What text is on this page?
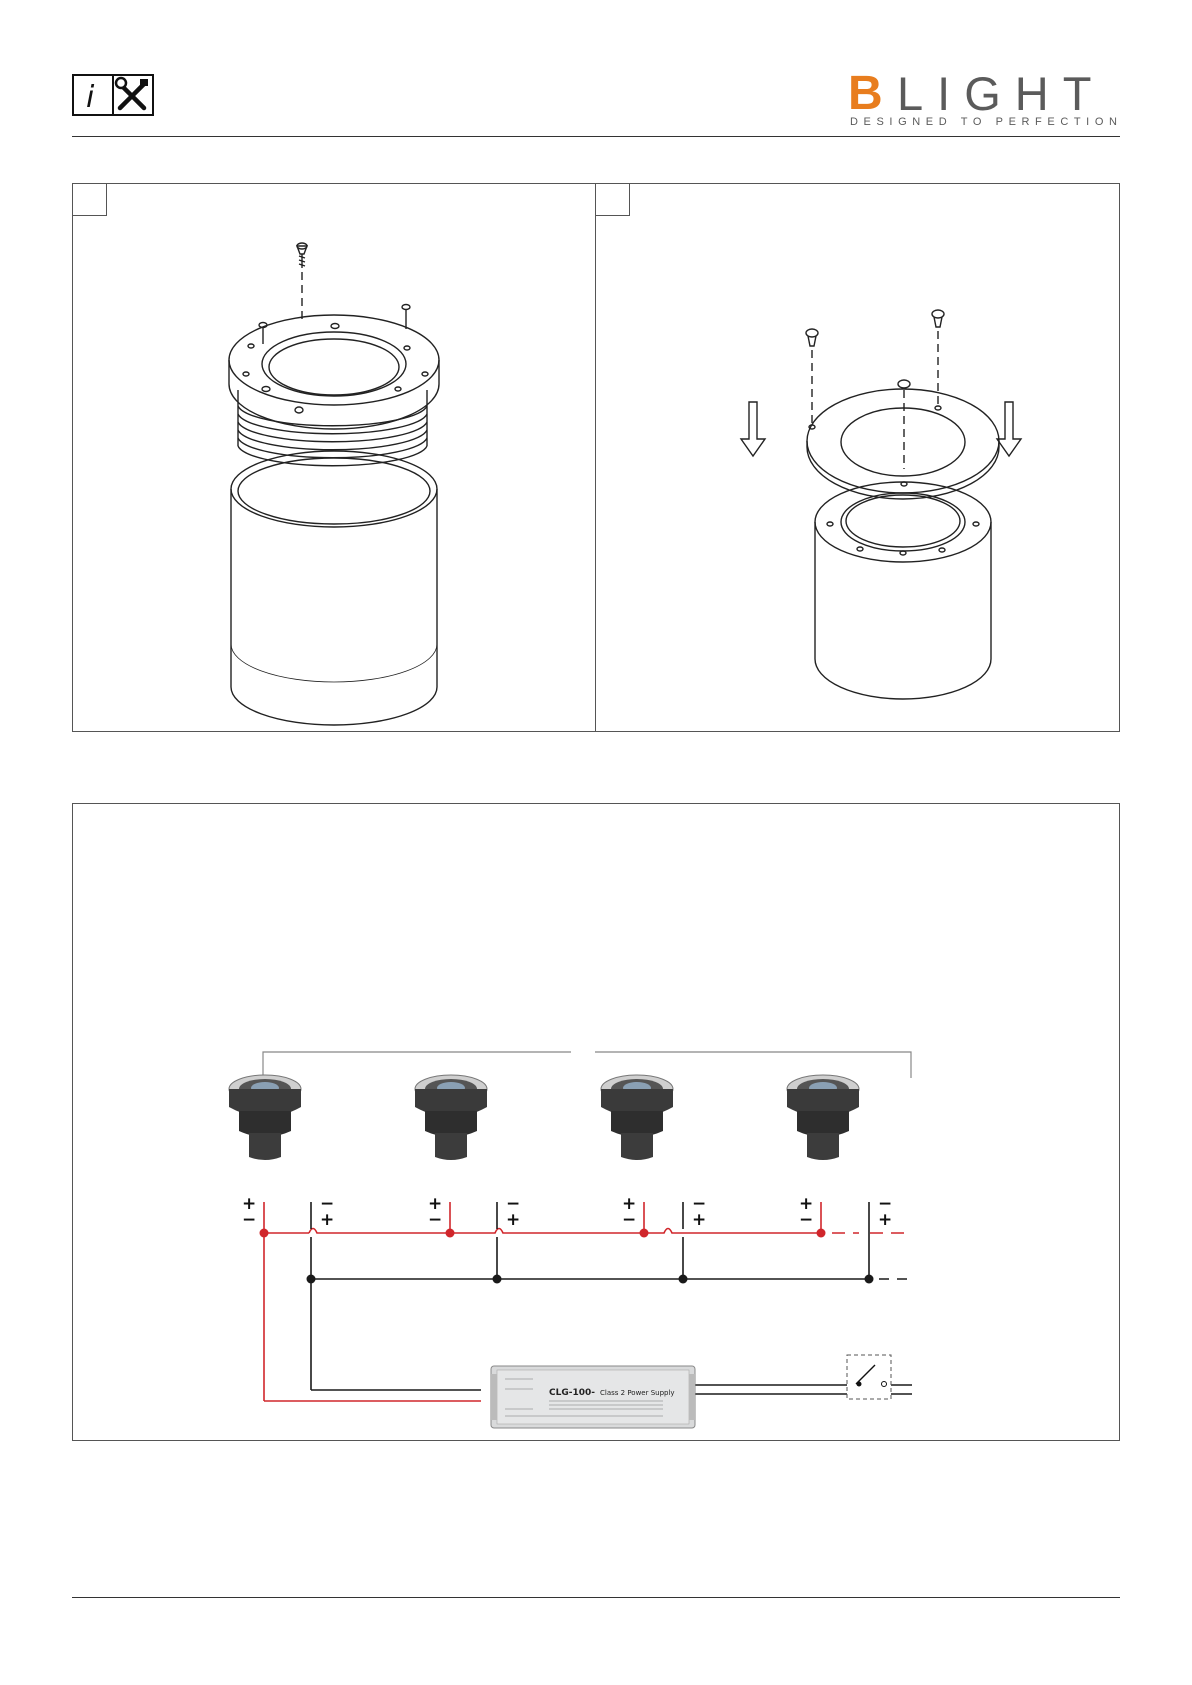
i	B LIGHT
DESIGNED TO PERFECTION
+
−
−
+
+
−
−
+
+
−
−
+
+
−
−
+
CLG-100- Class 2 Power Supply
